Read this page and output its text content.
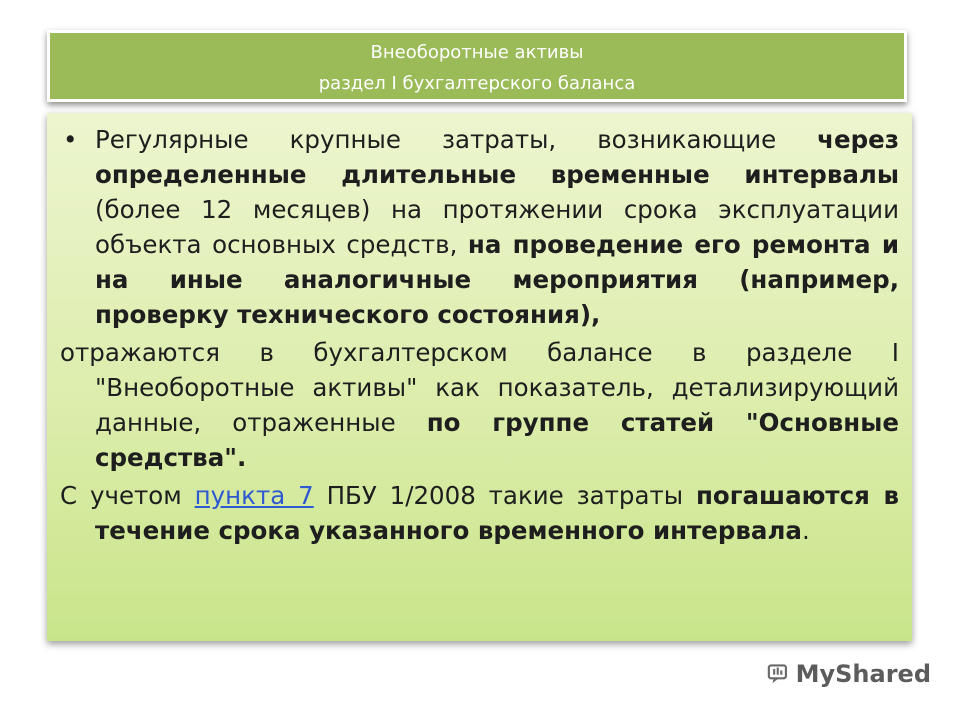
Внеоборотные активы
раздел I бухгалтерского баланса
• Регулярные крупные затраты, возникающие через определенные длительные временные интервалы (более 12 месяцев) на протяжении срока эксплуатации объекта основных средств, на проведение его ремонта и на иные аналогичные мероприятия (например, проверку технического состояния),
отражаются в бухгалтерском балансе в разделе I "Внеоборотные активы" как показатель, детализирующий данные, отраженные по группе статей "Основные средства".
С учетом пункта 7 ПБУ 1/2008 такие затраты погашаются в течение срока указанного временного интервала.
MyShared
